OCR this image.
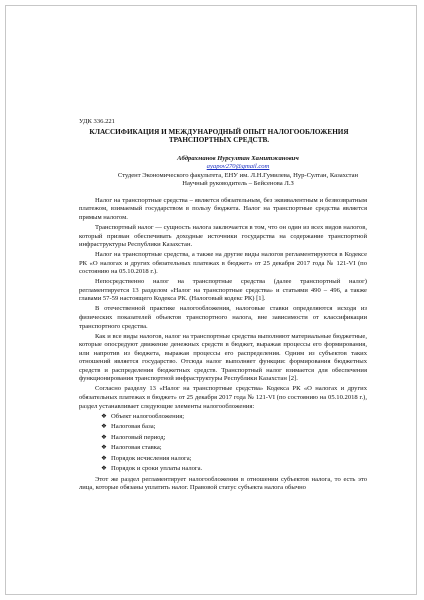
УДК 336.221

КЛАССИФИКАЦИЯ И МЕЖДУНАРОДНЫЙ ОПЫТ НАЛОГООБЛОЖЕНИЯ ТРАНСПОРТНЫХ СРЕДСТВ.

Абдрахманов Нурсултан Хамитжанович
ayapov270@gmail.com
Студент Экономического факультета, ЕНУ им. Л.Н.Гумилева, Нур-Султан, Казахстан
Научный руководитель – Бейсенова Л.З

Налог на транспортные средства – является обязательным, без эквивалентным и безвозвратным платежом, взимаемый государством в пользу бюджета. Налог на транспортные средства является прямым налогом.

Транспортный налог — сущность налога заключается в том, что он один из всех видов налогов, который призван обеспечивать доходные источники государства на содержание транспортной инфраструктуры Республики Казахстан.

Налог на транспортные средства, а также на другие виды налогов регламентируются в Кодексе РК «О налогах и других обязательных платежах в бюджет» от 25 декабря 2017 года № 121-VI (по состоянию на 05.10.2018 г.).

Непосредственно налог на транспортные средства (далее транспортный налог) регламентируется 13 разделом «Налог на транспортные средства» и статьями 490 – 496, а также главами 57-59 настоящего Кодекса РК. (Налоговый кодекс РК) [1].

В отечественной практике налогообложения, налоговые ставки определяются исходя из физических показателей объектов транспортного налога, вне зависимости от классификации транспортного средства.

Как и все виды налогов, налог на транспортные средства выполняют материальные бюджетные, которые опосредуют движение денежных средств в бюджет, выражая процессы его формирования, или напротив из бюджета, выражая процессы его распределения. Одним из субъектов таких отношений является государство. Отсюда налог выполняет функции: формирования бюджетных средств и распределения бюджетных средств. Транспортный налог взимается для обеспечения функционирования транспортной инфраструктуры Республики Казахстан [2].

Согласно разделу 13 «Налог на транспортные средства» Кодекса РК «О налогах и других обязательных платежах в бюджет» от 25 декабря 2017 года № 121-VI (по состоянию на 05.10.2018 г.), раздел устанавливает следующие элементы налогообложения:

❖ Объект налогообложения;
❖ Налоговая база;
❖ Налоговый период;
❖ Налоговая ставка;
❖ Порядок исчисления налога;
❖ Порядок и сроки уплаты налога.

Этот же раздел регламентирует налогообложения в отношении субъектов налога, то есть это лица, которые обязаны уплатить налог. Правовой статус субъекта налога обычно
